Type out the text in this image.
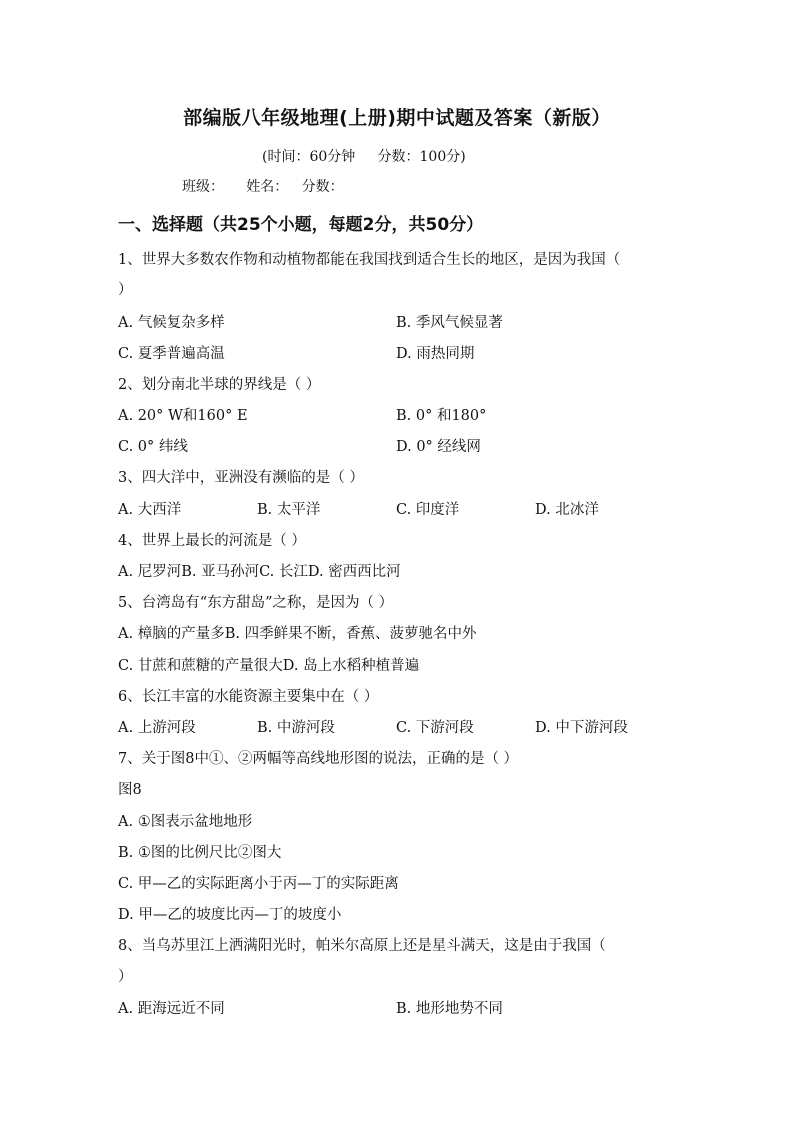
部编版八年级地理(上册)期中试题及答案（新版）
(时间：60分钟     分数：100分)
班级：     姓名：   分数：
一、选择题（共25个小题，每题2分，共50分）
1、世界大多数农作物和动植物都能在我国找到适合生长的地区，是因为我国（
）
A. 气候复杂多样	B. 季风气候显著
C. 夏季普遍高温	D. 雨热同期
2、划分南北半球的界线是（ ）
A. 20° W和160° E	B. 0° 和180°
C. 0° 纬线	D. 0° 经线网
3、四大洋中，亚洲没有濒临的是（ ）
A. 大西洋	B. 太平洋	C. 印度洋	D. 北冰洋
4、世界上最长的河流是（ ）
A. 尼罗河B. 亚马孙河C. 长江D. 密西西比河
5、台湾岛有“东方甜岛”之称，是因为（ ）
A. 樟脑的产量多B. 四季鲜果不断，香蕉、菠萝驰名中外
C. 甘蔗和蔗糖的产量很大D. 岛上水稻种植普遍
6、长江丰富的水能资源主要集中在（ ）
A. 上游河段	B. 中游河段	C. 下游河段	D. 中下游河段
7、关于图8中①、②两幅等高线地形图的说法，正确的是（ ）
图8
A. ①图表示盆地地形
B. ①图的比例尺比②图大
C. 甲—乙的实际距离小于丙—丁的实际距离
D. 甲—乙的坡度比丙—丁的坡度小
8、当乌苏里江上洒满阳光时，帕米尔高原上还是星斗满天，这是由于我国（
）
A. 距海远近不同	B. 地形地势不同
